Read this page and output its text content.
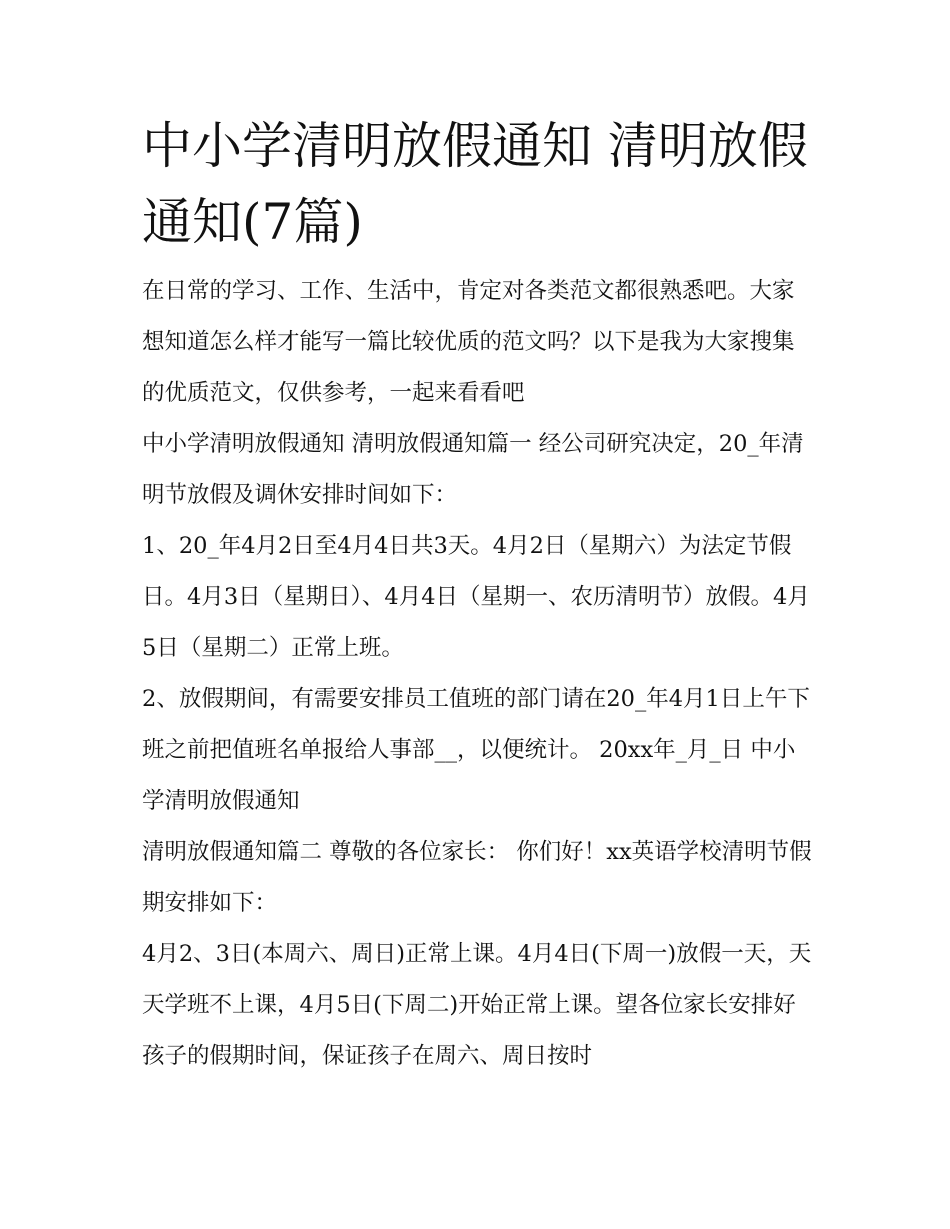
中小学清明放假通知 清明放假通知(7篇)

在日常的学习、工作、生活中，肯定对各类范文都很熟悉吧。大家想知道怎么样才能写一篇比较优质的范文吗？以下是我为大家搜集的优质范文，仅供参考，一起来看看吧

中小学清明放假通知 清明放假通知篇一 经公司研究决定，20_年清明节放假及调休安排时间如下：

1、20_年4月2日至4月4日共3天。4月2日（星期六）为法定节假日。4月3日（星期日）、4月4日（星期一、农历清明节）放假。4月5日（星期二）正常上班。

2、放假期间，有需要安排员工值班的部门请在20_年4月1日上午下班之前把值班名单报给人事部__，以便统计。 20xx年_月_日 中小学清明放假通知

清明放假通知篇二 尊敬的各位家长： 你们好！xx英语学校清明节假期安排如下：

4月2、3日(本周六、周日)正常上课。4月4日(下周一)放假一天，天天学班不上课，4月5日(下周二)开始正常上课。望各位家长安排好孩子的假期时间，保证孩子在周六、周日按时
